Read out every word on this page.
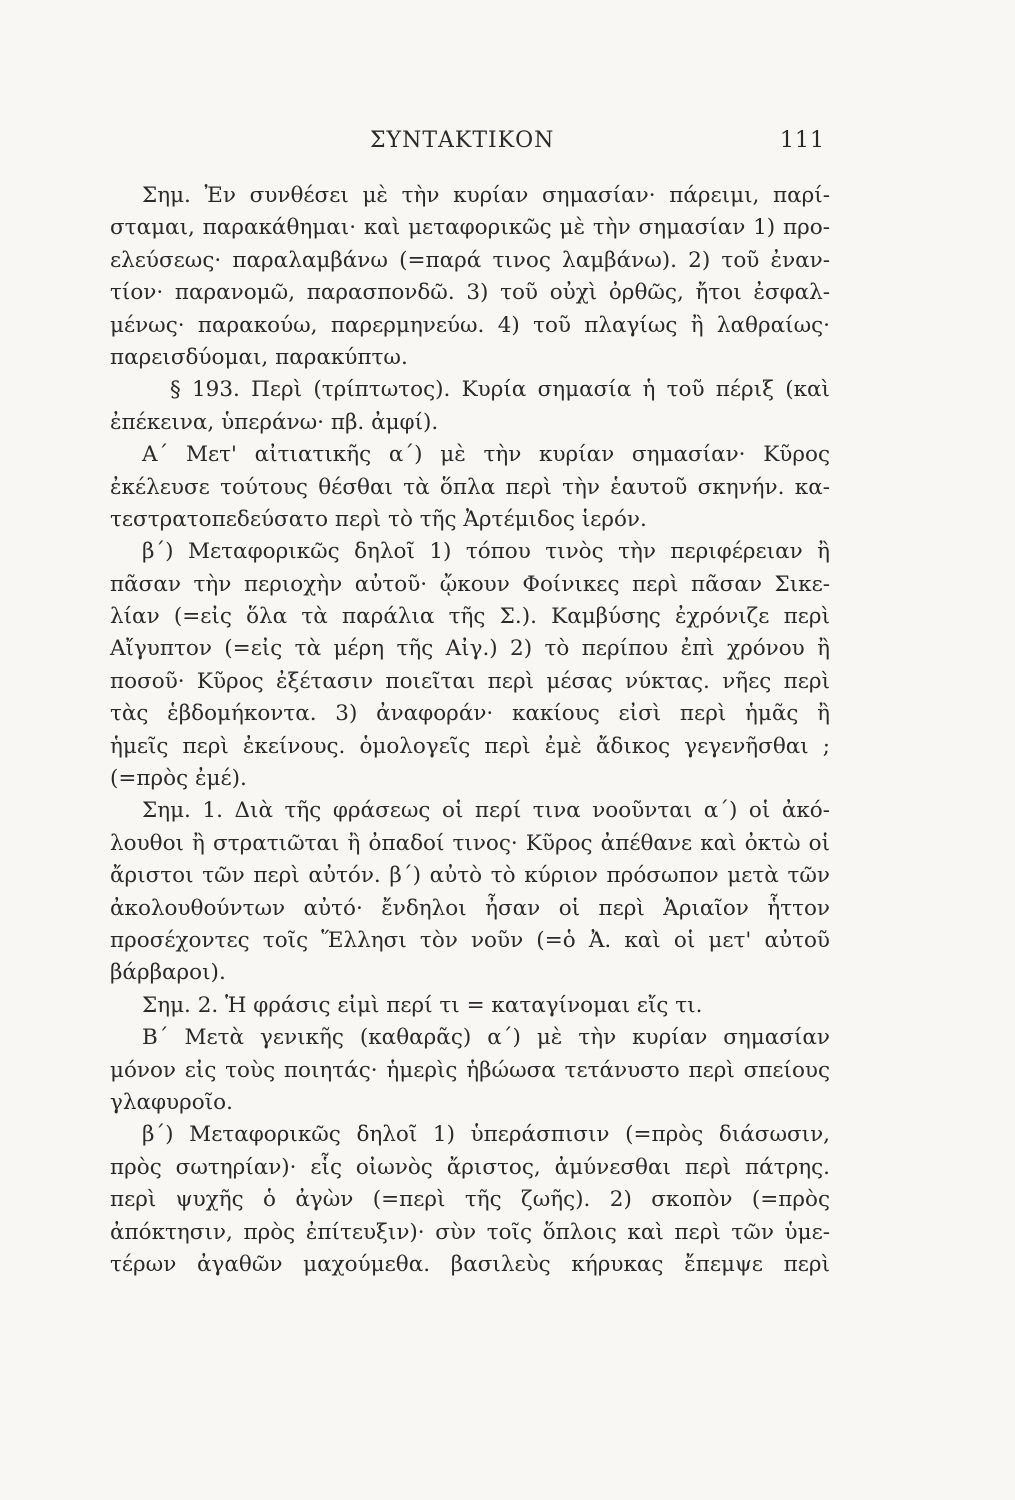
ΣΥΝΤΑΚΤΙΚΟΝ	111
Σημ. Ἐν συνθέσει μὲ τὴν κυρίαν σημασίαν· πάρειμι, παρί-
σταμαι, παρακάθημαι· καὶ μεταφορικῶς μὲ τὴν σημασίαν 1) προ-
ελεύσεως· παραλαμβάνω (=παρά τινος λαμβάνω). 2) τοῦ ἐναν-
τίον· παρανομῶ, παρασπονδῶ. 3) τοῦ οὐχὶ ὀρθῶς, ἤτοι ἐσφαλ-
μένως· παρακούω, παρερμηνεύω. 4) τοῦ πλαγίως ἢ λαθραίως·
παρεισδύομαι, παρακύπτω.
§ 193. Περὶ (τρίπτωτος). Κυρία σημασία ἡ τοῦ πέριξ (καὶ
ἐπέκεινα, ὑπεράνω· πβ. ἀμφί).
Α΄ Μετ' αἰτιατικῆς α΄) μὲ τὴν κυρίαν σημασίαν· Κῦρος
ἐκέλευσε τούτους θέσθαι τὰ ὅπλα περὶ τὴν ἑαυτοῦ σκηνήν. κα-
τεστρατοπεδεύσατο περὶ τὸ τῆς Ἀρτέμιδος ἱερόν.
β΄) Μεταφορικῶς δηλοῖ 1) τόπου τινὸς τὴν περιφέρειαν ἢ
πᾶσαν τὴν περιοχὴν αὐτοῦ· ᾤκουν Φοίνικες περὶ πᾶσαν Σικε-
λίαν (=εἰς ὅλα τὰ παράλια τῆς Σ.). Καμβύσης ἐχρόνιζε περὶ
Αἴγυπτον (=εἰς τὰ μέρη τῆς Αἰγ.) 2) τὸ περίπου ἐπὶ χρόνου ἢ
ποσοῦ· Κῦρος ἐξέτασιν ποιεῖται περὶ μέσας νύκτας. νῆες περὶ
τὰς ἑβδομήκοντα. 3) ἀναφοράν· κακίους εἰσὶ περὶ ἡμᾶς ἢ
ἡμεῖς περὶ ἐκείνους. ὁμολογεῖς περὶ ἐμὲ ἄδικος γεγενῆσθαι ;
(=πρὸς ἐμέ).
Σημ. 1. Διὰ τῆς φράσεως οἱ περί τινα νοοῦνται α΄) οἱ ἀκό-
λουθοι ἢ στρατιῶται ἢ ὀπαδοί τινος· Κῦρος ἀπέθανε καὶ ὀκτὼ οἱ
ἄριστοι τῶν περὶ αὐτόν. β΄) αὐτὸ τὸ κύριον πρόσωπον μετὰ τῶν
ἀκολουθούντων αὐτό· ἔνδηλοι ἦσαν οἱ περὶ Ἀριαῖον ἧττον
προσέχοντες τοῖς Ἕλλησι τὸν νοῦν (=ὁ Ἀ. καὶ οἱ μετ' αὐτοῦ
βάρβαροι).
Σημ. 2. Ἡ φράσις εἰμὶ περί τι = καταγίνομαι εἴς τι.
Β΄ Μετὰ γενικῆς (καθαρᾶς) α΄) μὲ τὴν κυρίαν σημασίαν
μόνον εἰς τοὺς ποιητάς· ἡμερὶς ἡβώωσα τετάνυστο περὶ σπείους
γλαφυροῖο.
β΄) Μεταφορικῶς δηλοῖ 1) ὑπεράσπισιν (=πρὸς διάσωσιν,
πρὸς σωτηρίαν)· εἷς οἰωνὸς ἄριστος, ἀμύνεσθαι περὶ πάτρης.
περὶ ψυχῆς ὁ ἀγὼν (=περὶ τῆς ζωῆς). 2) σκοπὸν (=πρὸς
ἀπόκτησιν, πρὸς ἐπίτευξιν)· σὺν τοῖς ὅπλοις καὶ περὶ τῶν ὑμε-
τέρων ἀγαθῶν μαχούμεθα. βασιλεὺς κήρυκας ἔπεμψε περὶ
